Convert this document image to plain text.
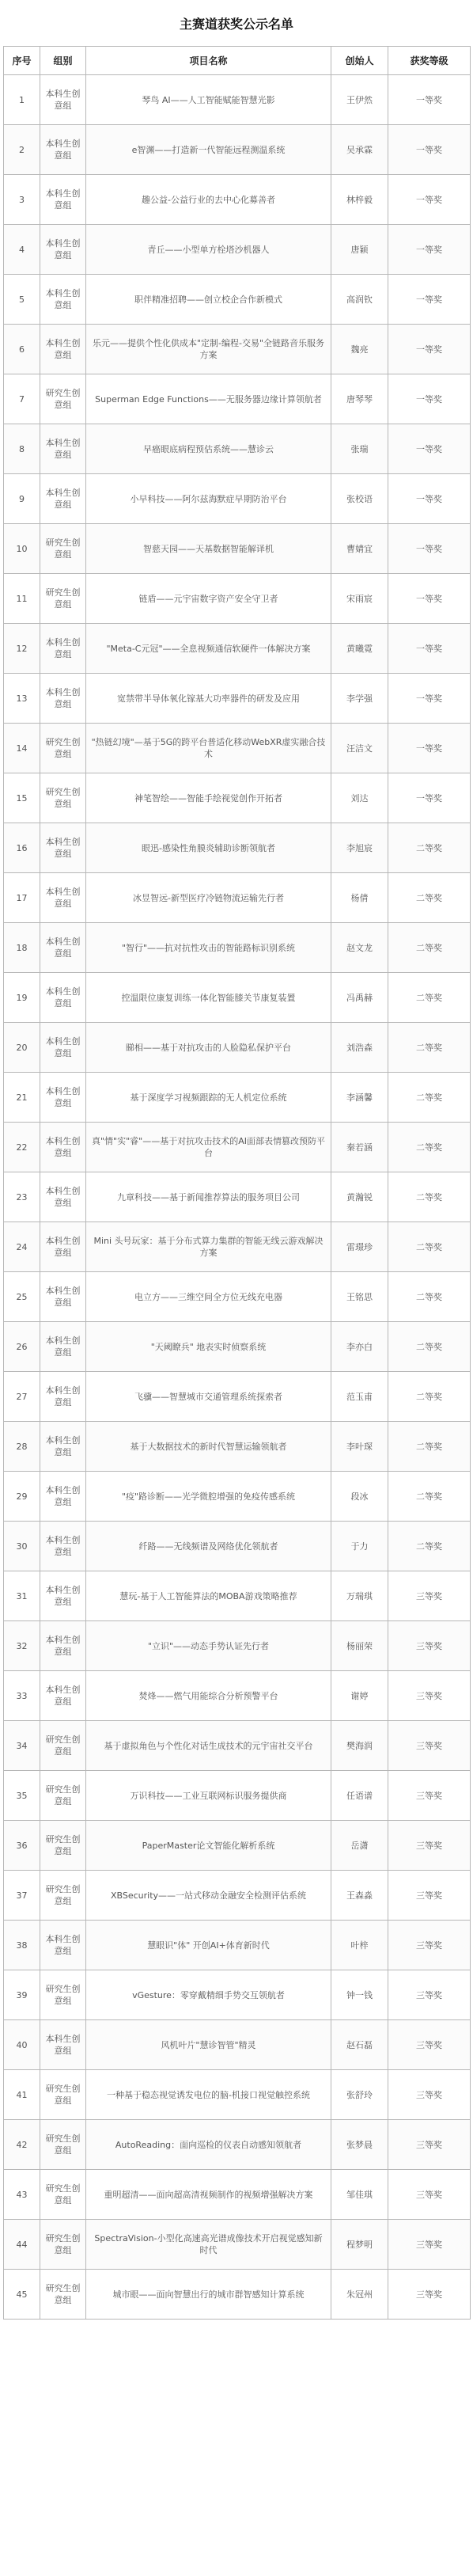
主赛道获奖公示名单
序号	组别	项目名称	创始人	获奖等级
1	本科生创意组	琴鸟 AI——人工智能赋能智慧光影	王伊然	一等奖
2	本科生创意组	e智渊——打造新一代智能远程测温系统	吴承霖	一等奖
3	本科生创意组	趣公益-公益行业的去中心化募善者	林梓毅	一等奖
4	本科生创意组	青丘——小型单方栓塔沙机器人	唐颖	一等奖
5	本科生创意组	职伴精准招聘——创立校企合作新模式	高润钦	一等奖
6	本科生创意组	乐元——提供个性化供成本"定制-编程-交易"全链路音乐服务方案	魏亮	一等奖
7	研究生创意组	Superman Edge Functions——无服务器边缘计算领航者	唐琴琴	一等奖
8	本科生创意组	早癌眼底病程预估系统——慧诊云	张瑞	一等奖
9	本科生创意组	小早科技——阿尔兹海默症早期防治平台	张校语	一等奖
10	研究生创意组	智慈天园——天基数据智能解译机	曹婧宜	一等奖
11	研究生创意组	链盾——元宇宙数字资产安全守卫者	宋雨宸	一等奖
12	本科生创意组	"Meta-C元冠"——全息视频通信软硬件一体解决方案	黄曦霓	一等奖
13	本科生创意组	宽禁带半导体氧化镓基大功率器件的研发及应用	李学强	一等奖
14	研究生创意组	"热链幻境"—基于5G的跨平台普适化移动WebXR虚实融合技术	汪洁文	一等奖
15	研究生创意组	神笔智绘——智能手绘视觉创作开拓者	刘达	一等奖
16	本科生创意组	眼迅-感染性角膜炎辅助诊断领航者	李旭宸	二等奖
17	本科生创意组	冰昱智远-新型医疗冷链物流运输先行者	杨倩	二等奖
18	本科生创意组	"智行"——抗对抗性攻击的智能路标识别系统	赵文龙	二等奖
19	本科生创意组	控温限位康复训练一体化智能膝关节康复装置	冯禹赫	二等奖
20	本科生创意组	睇相——基于对抗攻击的人脸隐私保护平台	刘浩森	二等奖
21	本科生创意组	基于深度学习视频跟踪的无人机定位系统	李涵馨	二等奖
22	本科生创意组	真"情"实"睿"——基于对抗攻击技术的AI面部表情篡改预防平台	秦若涵	二等奖
23	本科生创意组	九章科技——基于新闻推荐算法的服务项目公司	黄瀚锐	二等奖
24	本科生创意组	Mini 头号玩家：基于分布式算力集群的智能无线云游戏解决方案	雷璟珍	二等奖
25	本科生创意组	电立方——三维空间全方位无线充电器	王铭思	二等奖
26	本科生创意组	"天阈瞭兵" 地表实时侦察系统	李亦白	二等奖
27	本科生创意组	飞骥——智慧城市交通管理系统探索者	范玉甫	二等奖
28	本科生创意组	基于大数据技术的新时代智慧运输领航者	李叶琛	二等奖
29	本科生创意组	"疫"路诊断——光学微腔增强的免疫传感系统	段冰	二等奖
30	本科生创意组	纤路——无线频谱及网络优化领航者	于力	二等奖
31	本科生创意组	慧玩-基于人工智能算法的MOBA游戏策略推荐	万瑞琪	三等奖
32	本科生创意组	"立识"——动态手势认证先行者	杨丽荣	三等奖
33	本科生创意组	焚烽——燃气用能综合分析预警平台	谢婷	三等奖
34	研究生创意组	基于虚拟角色与个性化对话生成技术的元宇宙社交平台	樊海润	三等奖
35	研究生创意组	万识科技——工业互联网标识服务提供商	任语谱	三等奖
36	研究生创意组	PaperMaster论文智能化解析系统	岳潇	三等奖
37	研究生创意组	XBSecurity——一站式移动金融安全检测评估系统	王森淼	三等奖
38	本科生创意组	慧眼识"体" 开创AI+体育新时代	叶梓	三等奖
39	研究生创意组	vGesture：零穿戴精细手势交互领航者	钟一钱	三等奖
40	本科生创意组	风机叶片"慧诊智管"精灵	赵石磊	三等奖
41	研究生创意组	一种基于稳态视觉诱发电位的脑-机接口视觉触控系统	张舒玲	三等奖
42	研究生创意组	AutoReading：面向巡检的仪表自动感知领航者	张梦晨	三等奖
43	研究生创意组	重明超清——面向超高清视频制作的视频增强解决方案	邹佳琪	三等奖
44	研究生创意组	SpectraVision-小型化高速高光谱成像技术开启视觉感知新时代	程梦明	三等奖
45	研究生创意组	城市眼——面向智慧出行的城市群智感知计算系统	朱冠州	三等奖
